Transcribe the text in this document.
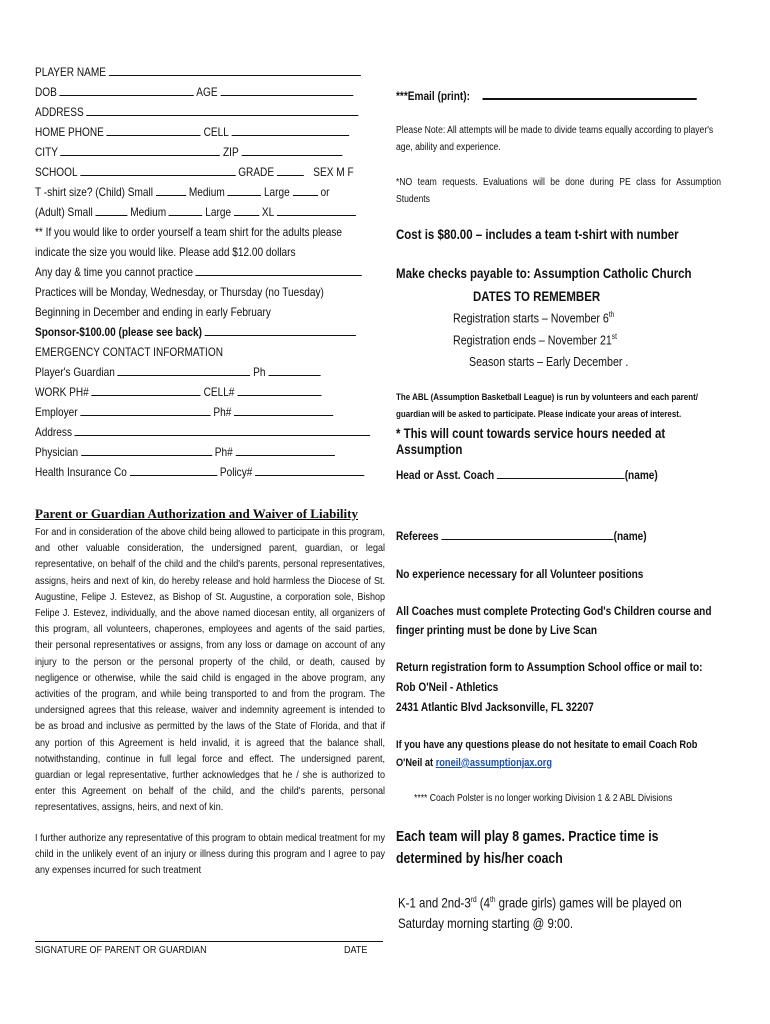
PLAYER NAME
DOB	AGE
ADDRESS
HOME PHONE	CELL
CITY	ZIP
SCHOOL	GRADE	SEX M F
T -shirt size? (Child) Small	Medium	Large	or
(Adult) Small	Medium	Large	XL
** If you would like to order yourself a team shirt for the adults please
indicate the size you would like. Please add $12.00 dollars
Any day & time you cannot practice
Practices will be Monday, Wednesday, or Thursday (no Tuesday)
Beginning in December and ending in early February
Sponsor-$100.00 (please see back)
EMERGENCY CONTACT INFORMATION
Player's Guardian	Ph
WORK PH#	CELL#
Employer	Ph#
Address
Physician	Ph#
Health Insurance Co	Policy#
Parent or Guardian Authorization and Waiver of Liability
For and in consideration of the above child being allowed to participate in this program, and other valuable consideration, the undersigned parent, guardian, or legal representative, on behalf of the child and the child's parents, personal representatives, assigns, heirs and next of kin, do hereby release and hold harmless the Diocese of St. Augustine, Felipe J. Estevez, as Bishop of St. Augustine, a corporation sole, Bishop Felipe J. Estevez, individually, and the above named diocesan entity, all organizers of this program, all volunteers, chaperones, employees and agents of the said parties, their personal representatives or assigns, from any loss or damage on account of any injury to the person or the personal property of the child, or death, caused by negligence or otherwise, while the said child is engaged in the above program, any activities of the program, and while being transported to and from the program. The undersigned agrees that this release, waiver and indemnity agreement is intended to be as broad and inclusive as permitted by the laws of the State of Florida, and that if any portion of this Agreement is held invalid, it is agreed that the balance shall, notwithstanding, continue in full legal force and effect. The undersigned parent, guardian or legal representative, further acknowledges that he / she is authorized to enter this Agreement on behalf of the child, and the child's parents, personal representatives, assigns, heirs, and next of kin.
I further authorize any representative of this program to obtain medical treatment for my child in the unlikely event of an injury or illness during this program and I agree to pay any expenses incurred for such treatment
SIGNATURE OF PARENT OR GUARDIAN	DATE
***Email (print):
Please Note: All attempts will be made to divide teams equally according to player's age, ability and experience.
*NO team requests. Evaluations will be done during PE class for Assumption Students
Cost is $80.00 – includes a team t-shirt with number
Make checks payable to: Assumption Catholic Church
DATES TO REMEMBER
Registration starts – November 6th
Registration ends – November 21st
Season starts – Early December .
The ABL (Assumption Basketball League) is run by volunteers and each parent/ guardian will be asked to participate. Please indicate your areas of interest.
* This will count towards service hours needed at Assumption
Head or Asst. Coach	(name)
Referees	(name)
No experience necessary for all Volunteer positions
All Coaches must complete Protecting God's Children course and finger printing must be done by Live Scan
Return registration form to Assumption School office or mail to:
Rob O'Neil - Athletics
2431 Atlantic Blvd Jacksonville, FL 32207
If you have any questions please do not hesitate to email Coach Rob O'Neil at roneil@assumptionjax.org
**** Coach Polster is no longer working Division 1 & 2 ABL Divisions
Each team will play 8 games. Practice time is determined by his/her coach
K-1 and 2nd-3rd (4th grade girls) games will be played on Saturday morning starting @ 9:00.
